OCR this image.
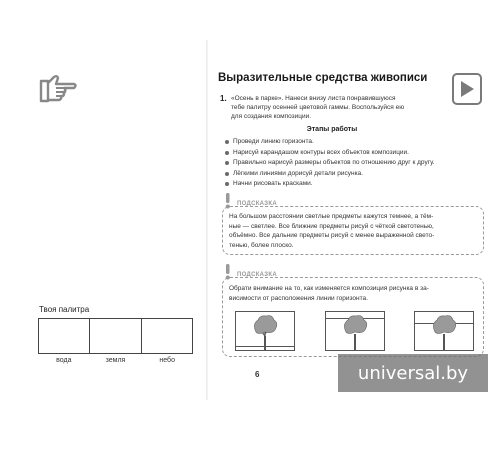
Твоя палитра
вода	земля	небо
Выразительные средства живописи
1. «Осень в парке». Нанеси внизу листа понравившуюся
тебе палитру осенней цветовой гаммы. Воспользуйся ею
для создания композиции.
Этапы работы
Проведи линию горизонта.
Нарисуй карандашом контуры всех объектов композиции.
Правильно нарисуй размеры объектов по отношению друг к другу.
Лёгкими линиями дорисуй детали рисунка.
Начни рисовать красками.
ПОДСКАЗКА
На большом расстоянии светлые предметы кажутся темнее, а тём-
ные — светлее. Все ближние предметы рисуй с чёткой светотенью,
объёмно. Все дальние предметы рисуй с менее выраженной свето-
тенью, более плоско.
ПОДСКАЗКА
Обрати внимание на то, как изменяется композиция рисунка в за-
висимости от расположения линии горизонта.
6	universal.by
